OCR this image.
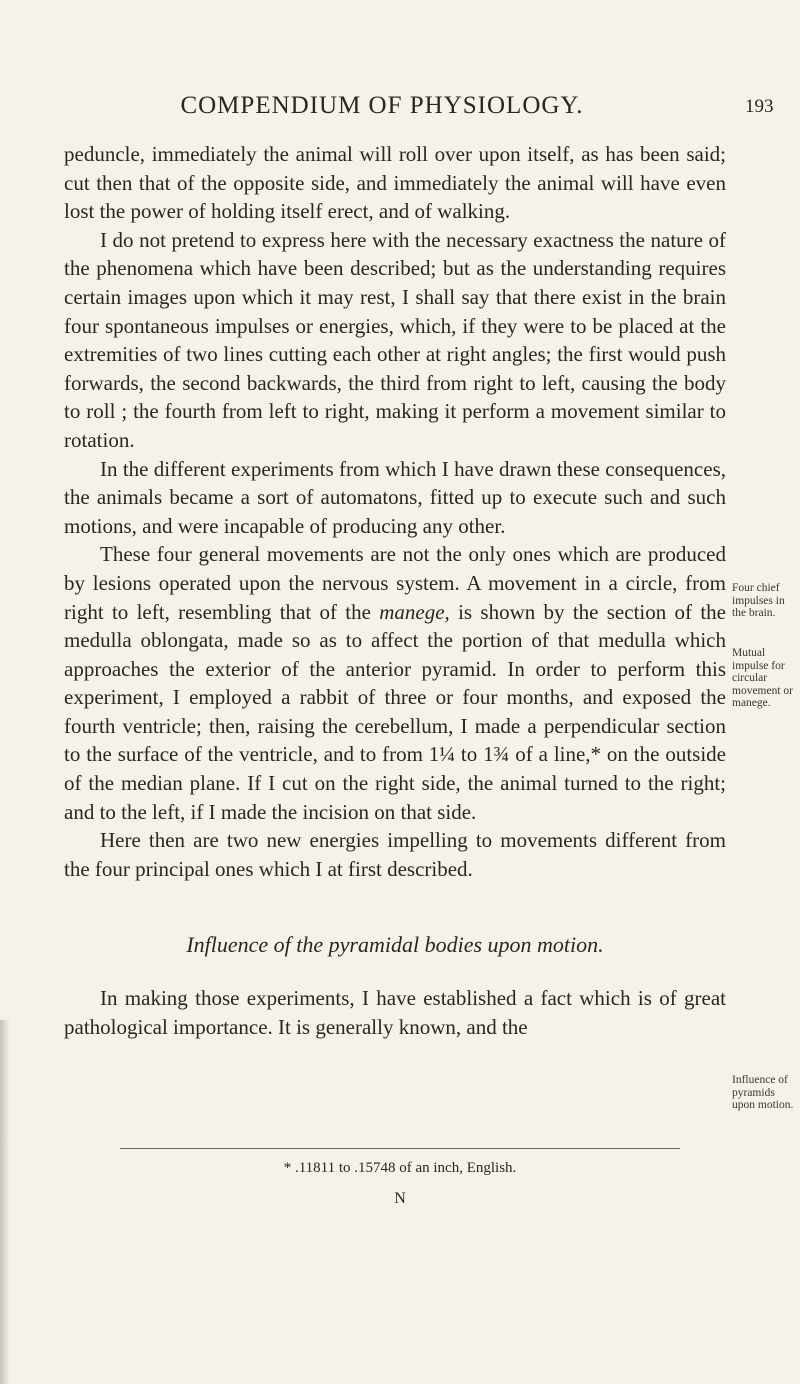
COMPENDIUM OF PHYSIOLOGY.	193

peduncle, immediately the animal will roll over upon itself, as has been said; cut then that of the opposite side, and immediately the animal will have even lost the power of holding itself erect, and of walking.

I do not pretend to express here with the necessary exactness the nature of the phenomena which have been described; but as the understanding requires certain images upon which it may rest, I shall say that there exist in the brain four spontaneous impulses or energies, which, if they were to be placed at the extremities of two lines cutting each other at right angles; the first would push forwards, the second backwards, the third from right to left, causing the body to roll ; the fourth from left to right, making it perform a movement similar to rotation.

In the different experiments from which I have drawn these consequences, the animals became a sort of automatons, fitted up to execute such and such motions, and were incapable of producing any other.

These four general movements are not the only ones which are produced by lesions operated upon the nervous system. A movement in a circle, from right to left, resembling that of the manege, is shown by the section of the medulla oblongata, made so as to affect the portion of that medulla which approaches the exterior of the anterior pyramid. In order to perform this experiment, I employed a rabbit of three or four months, and exposed the fourth ventricle; then, raising the cerebellum, I made a perpendicular section to the surface of the ventricle, and to from 1¼ to 1¾ of a line,* on the outside of the median plane. If I cut on the right side, the animal turned to the right; and to the left, if I made the incision on that side.

Here then are two new energies impelling to movements different from the four principal ones which I at first described.

Influence of the pyramidal bodies upon motion.

In making those experiments, I have established a fact which is of great pathological importance. It is generally known, and the

Four chief impulses in the brain.
Mutual impulse for circular movement or manege.
Influence of pyramids upon motion.
* .11811 to .15748 of an inch, English.
N
